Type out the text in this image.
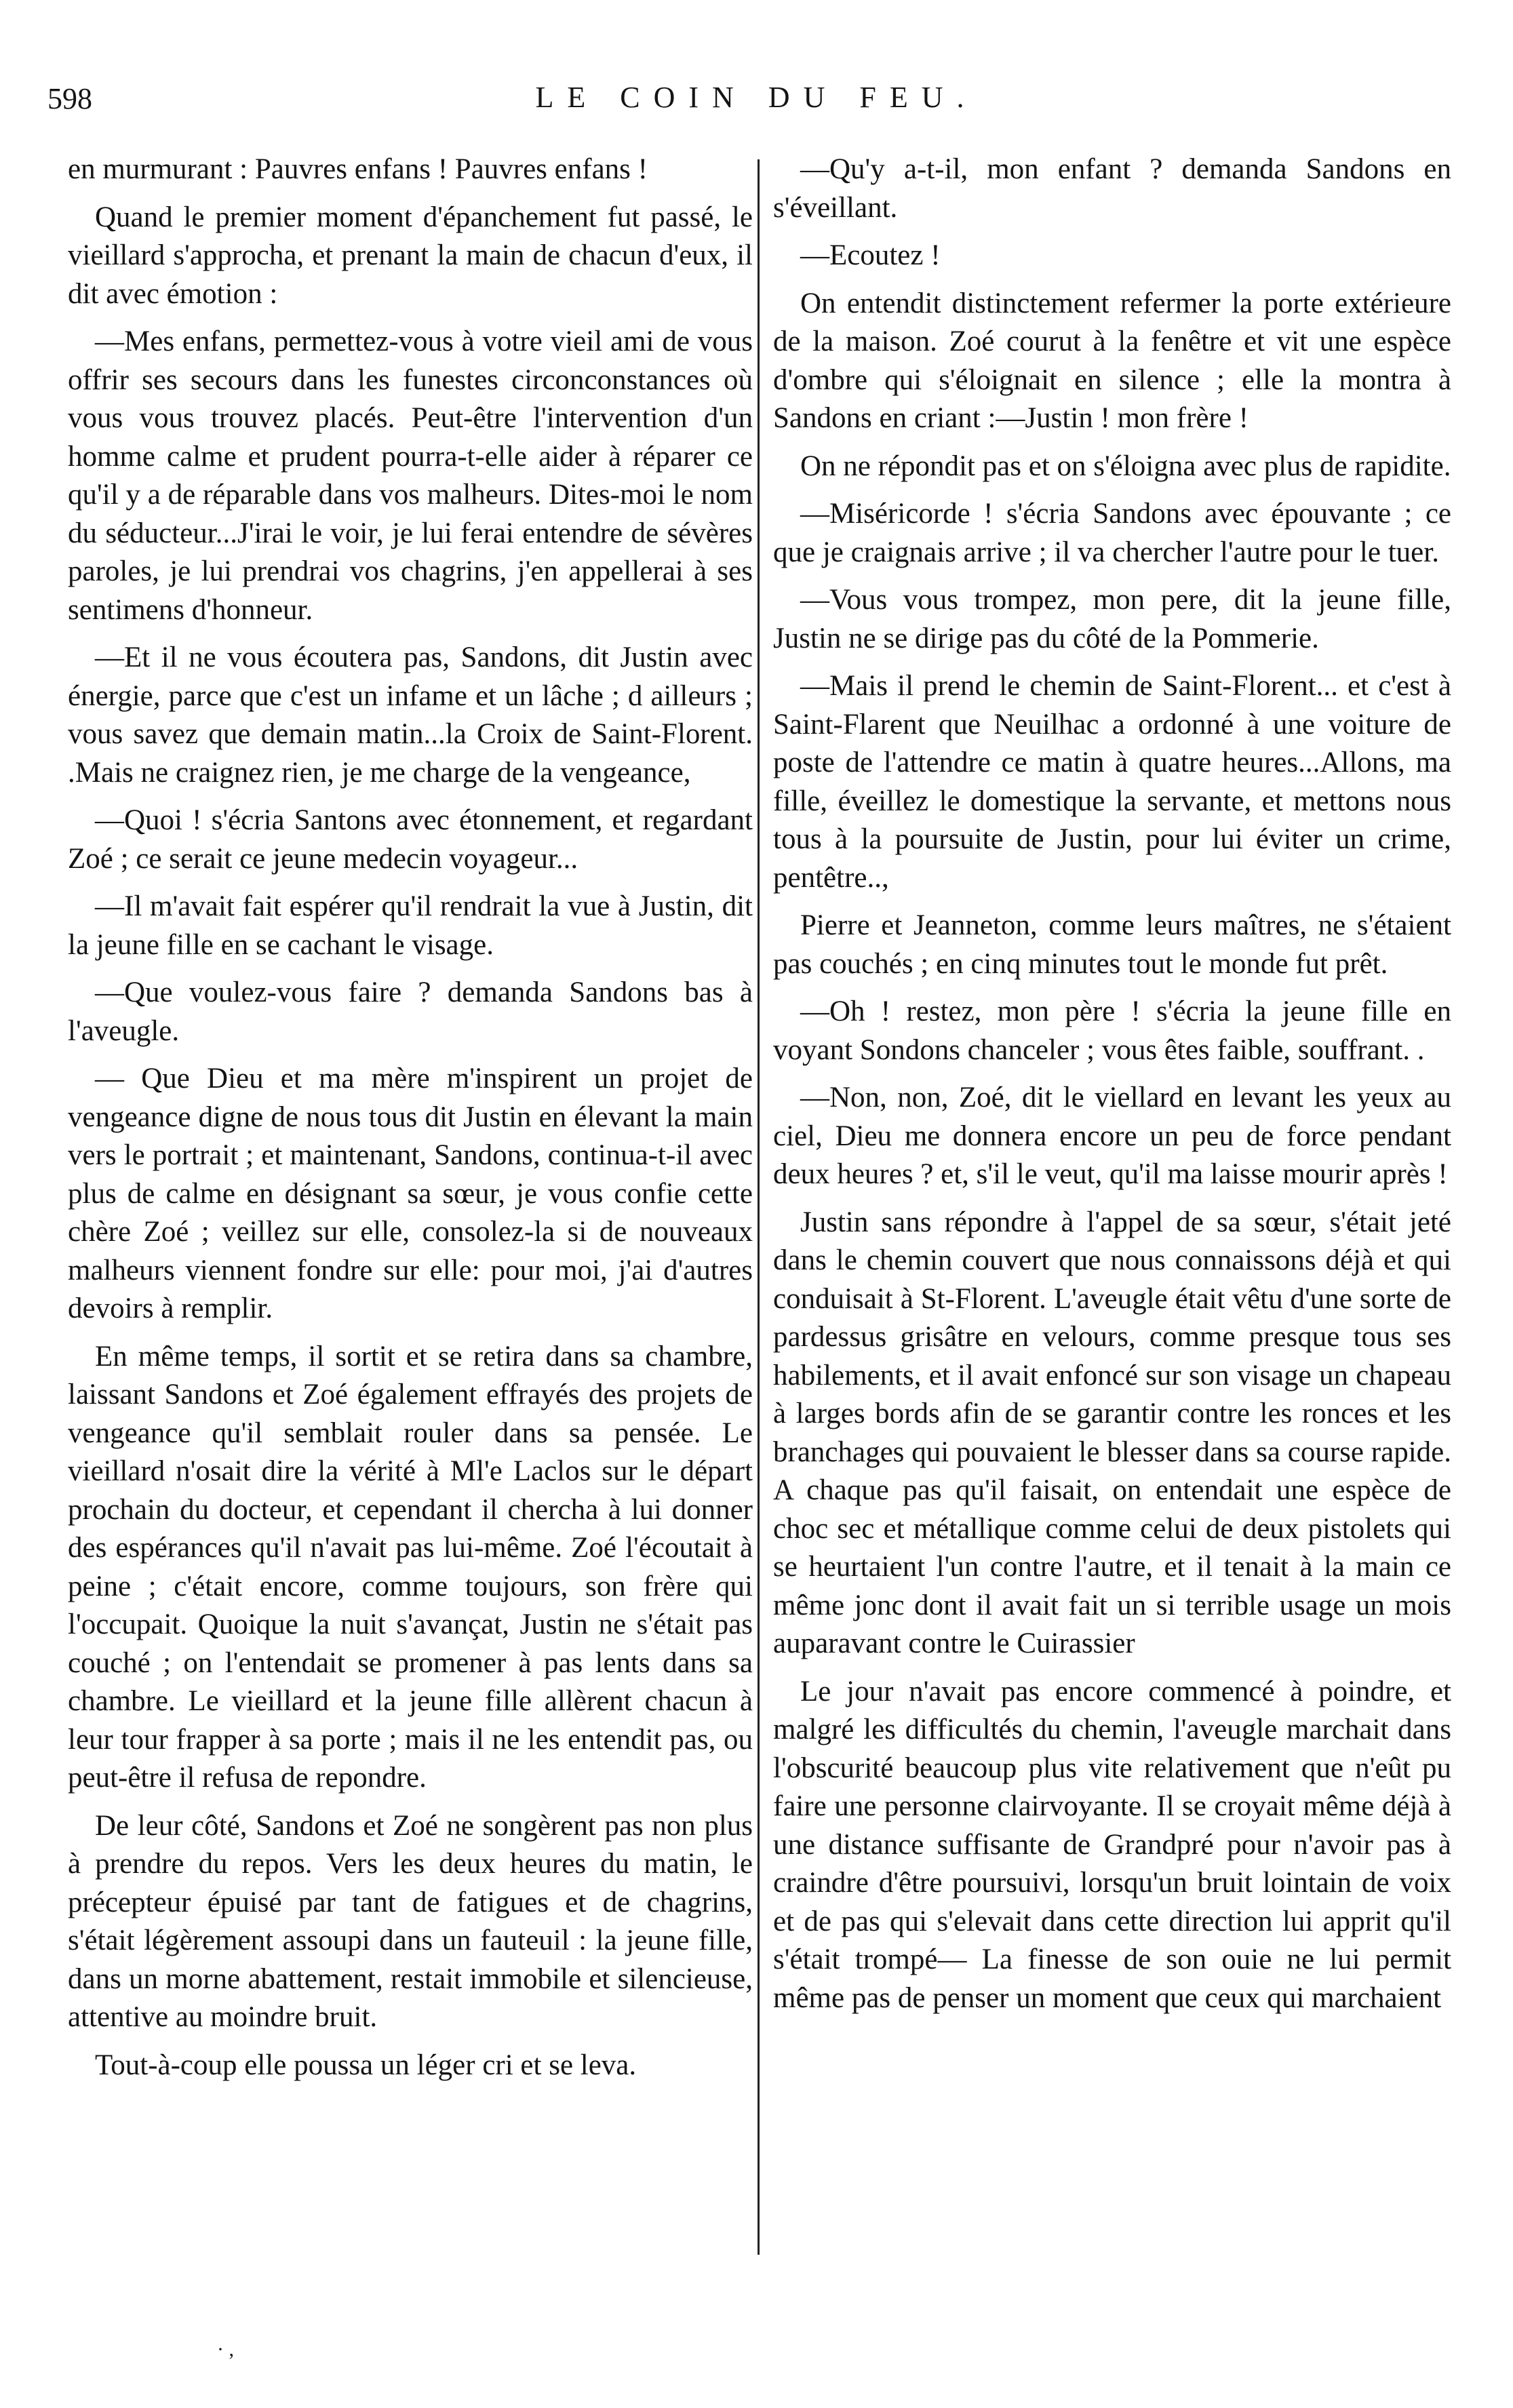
598	LE COIN DU FEU.

en murmurant : Pauvres enfans ! Pauvres enfans !

Quand le premier moment d'épanchement fut passé, le vieillard s'approcha, et prenant la main de chacun d'eux, il dit avec émotion :

—Mes enfans, permettez-vous à votre vieil ami de vous offrir ses secours dans les funestes circonconstances où vous vous trouvez placés. Peut-être l'intervention d'un homme calme et prudent pourra-t-elle aider à réparer ce qu'il y a de réparable dans vos malheurs. Dites-moi le nom du séducteur...J'irai le voir, je lui ferai entendre de sévères paroles, je lui prendrai vos chagrins, j'en appellerai à ses sentimens d'honneur.

—Et il ne vous écoutera pas, Sandons, dit Justin avec énergie, parce que c'est un infame et un lâche ; d ailleurs ; vous savez que demain matin...la Croix de Saint-Florent. .Mais ne craignez rien, je me charge de la vengeance,

—Quoi ! s'écria Santons avec étonnement, et regardant Zoé ; ce serait ce jeune medecin voyageur...

—Il m'avait fait espérer qu'il rendrait la vue à Justin, dit la jeune fille en se cachant le visage.

—Que voulez-vous faire ? demanda Sandons bas à l'aveugle.

— Que Dieu et ma mère m'inspirent un projet de vengeance digne de nous tous dit Justin en élevant la main vers le portrait ; et maintenant, Sandons, continua-t-il avec plus de calme en désignant sa sœur, je vous confie cette chère Zoé ; veillez sur elle, consolez-la si de nouveaux malheurs viennent fondre sur elle: pour moi, j'ai d'autres devoirs à remplir.

En même temps, il sortit et se retira dans sa chambre, laissant Sandons et Zoé également effrayés des projets de vengeance qu'il semblait rouler dans sa pensée. Le vieillard n'osait dire la vérité à Ml'e Laclos sur le départ prochain du docteur, et cependant il chercha à lui donner des espérances qu'il n'avait pas lui-même. Zoé l'écoutait à peine ; c'était encore, comme toujours, son frère qui l'occupait. Quoique la nuit s'avançat, Justin ne s'était pas couché ; on l'entendait se promener à pas lents dans sa chambre. Le vieillard et la jeune fille allèrent chacun à leur tour frapper à sa porte ; mais il ne les entendit pas, ou peut-être il refusa de repondre.

De leur côté, Sandons et Zoé ne songèrent pas non plus à prendre du repos. Vers les deux heures du matin, le précepteur épuisé par tant de fatigues et de chagrins, s'était légèrement assoupi dans un fauteuil : la jeune fille, dans un morne abattement, restait immobile et silencieuse, attentive au moindre bruit.

Tout-à-coup elle poussa un léger cri et se leva.

—Qu'y a-t-il, mon enfant ? demanda Sandons en s'éveillant.

—Ecoutez !

On entendit distinctement refermer la porte extérieure de la maison. Zoé courut à la fenêtre et vit une espèce d'ombre qui s'éloignait en silence ; elle la montra à Sandons en criant :—Justin ! mon frère !

On ne répondit pas et on s'éloigna avec plus de rapidite.

—Miséricorde ! s'écria Sandons avec épouvante ; ce que je craignais arrive ; il va chercher l'autre pour le tuer.

—Vous vous trompez, mon pere, dit la jeune fille, Justin ne se dirige pas du côté de la Pommerie.

—Mais il prend le chemin de Saint-Florent... et c'est à Saint-Flarent que Neuilhac a ordonné à une voiture de poste de l'attendre ce matin à quatre heures...Allons, ma fille, éveillez le domestique la servante, et mettons nous tous à la poursuite de Justin, pour lui éviter un crime, pentêtre..,

Pierre et Jeanneton, comme leurs maîtres, ne s'étaient pas couchés ; en cinq minutes tout le monde fut prêt.

—Oh ! restez, mon père ! s'écria la jeune fille en voyant Sondons chanceler ; vous êtes faible, souffrant. .

—Non, non, Zoé, dit le viellard en levant les yeux au ciel, Dieu me donnera encore un peu de force pendant deux heures ? et, s'il le veut, qu'il ma laisse mourir après !

Justin sans répondre à l'appel de sa sœur, s'était jeté dans le chemin couvert que nous connaissons déjà et qui conduisait à St-Florent. L'aveugle était vêtu d'une sorte de pardessus grisâtre en velours, comme presque tous ses habilements, et il avait enfoncé sur son visage un chapeau à larges bords afin de se garantir contre les ronces et les branchages qui pouvaient le blesser dans sa course rapide. A chaque pas qu'il faisait, on entendait une espèce de choc sec et métallique comme celui de deux pistolets qui se heurtaient l'un contre l'autre, et il tenait à la main ce même jonc dont il avait fait un si terrible usage un mois auparavant contre le Cuirassier

Le jour n'avait pas encore commencé à poindre, et malgré les difficultés du chemin, l'aveugle marchait dans l'obscurité beaucoup plus vite relativement que n'eût pu faire une personne clairvoyante. Il se croyait même déjà à une distance suffisante de Grandpré pour n'avoir pas à craindre d'être poursuivi, lorsqu'un bruit lointain de voix et de pas qui s'elevait dans cette direction lui apprit qu'il s'était trompé— La finesse de son ouie ne lui permit même pas de penser un moment que ceux qui marchaient

· ,
